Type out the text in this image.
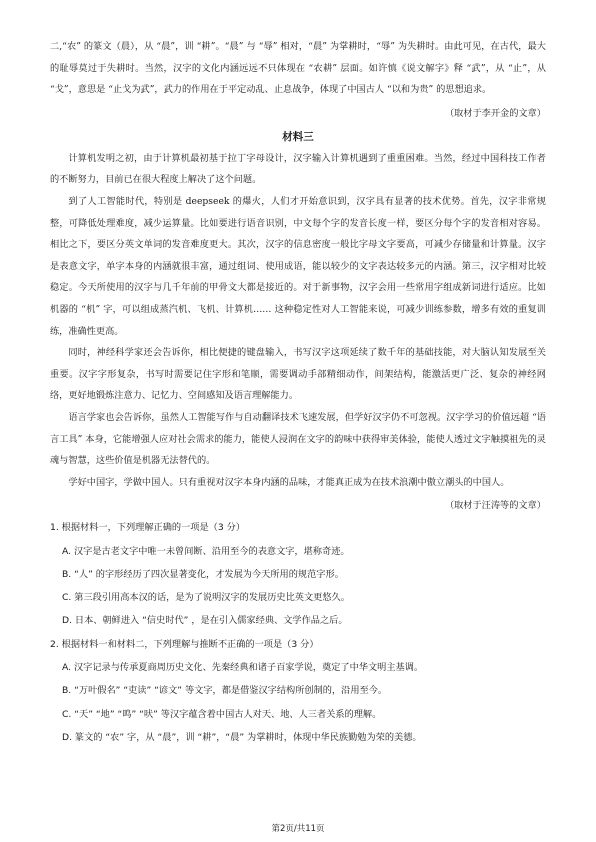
二,“农” 的篆文（晨），从 “晨”，训 “耕”。“晨” 与 “辱” 相对，“晨” 为掌耕时，“辱” 为失耕时。由此可见，在古代，最大的耻辱莫过于失耕时。当然，汉字的文化内涵远远不只体现在 “农耕” 层面。如许慎《说文解字》释 “武”，从 “止”，从 “戈”，意思是 “止戈为武”，武力的作用在于平定动乱、止息战争，体现了中国古人 “以和为贵” 的思想追求。

（取材于李开金的文章）

材料三

计算机发明之初，由于计算机最初基于拉丁字母设计，汉字输入计算机遇到了重重困难。当然，经过中国科技工作者的不断努力，目前已在很大程度上解决了这个问题。

到了人工智能时代，特别是 deepseek 的爆火，人们才开始意识到，汉字具有显著的技术优势。首先，汉字非常规整，可降低处理难度，减少运算量。比如要进行语音识别，中文每个字的发音长度一样，要区分每个字的发音相对容易。相比之下，要区分英文单词的发音难度更大。其次，汉字的信息密度一般比字母文字要高，可减少存储量和计算量。汉字是表意文字，单字本身的内涵就很丰富，通过组词、使用成语，能以较少的文字表达较多元的内涵。第三，汉字相对比较稳定。今天所使用的汉字与几千年前的甲骨文大都是接近的。对于新事物，汉字会用一些常用字组成新词进行适应。比如机器的 “机” 字，可以组成蒸汽机、飞机、计算机…… 这种稳定性对人工智能来说，可减少训练参数，增多有效的重复训练，准确性更高。

同时，神经科学家还会告诉你，相比便捷的键盘输入，书写汉字这项延续了数千年的基础技能，对大脑认知发展至关重要。汉字字形复杂，书写时需要记住字形和笔顺，需要调动手部精细动作，间架结构，能激活更广泛、复杂的神经网络，更好地锻炼注意力、记忆力、空间感知及语言理解能力。

语言学家也会告诉你，虽然人工智能写作与自动翻译技术飞速发展，但学好汉字仍不可忽视。汉字学习的价值远超 “语言工具” 本身，它能增强人应对社会需求的能力，能使人浸润在文字的韵味中获得审美体验，能使人透过文字触摸祖先的灵魂与智慧，这些价值是机器无法替代的。

学好中国字，学做中国人。只有重视对汉字本身内涵的品味，才能真正成为在技术浪潮中傲立潮头的中国人。

（取材于汪涛等的文章）

1. 根据材料一，下列理解正确的一项是（3 分）

A. 汉字是古老文字中唯一未曾间断、沿用至今的表意文字，堪称奇迹。

B. “人” 的字形经历了四次显著变化，才发展为今天所用的规范字形。

C. 第三段引用高本汉的话，是为了说明汉字的发展历史比英文更悠久。

D. 日本、朝鲜进入 “信史时代” ，是在引入儒家经典、文学作品之后。

2. 根据材料一和材料二，下列理解与推断不正确的一项是（3 分）

A. 汉字记录与传承夏商周历史文化、先秦经典和诸子百家学说，奠定了中华文明主基调。

B. “万叶假名” “吏读” “谚文” 等文字，都是借鉴汉字结构所创制的，沿用至今。

C. “天” “地” “鸣” “吠” 等汉字蕴含着中国古人对天、地、人三者关系的理解。

D. 篆文的 “农” 字，从 “晨”，训 “耕”，“晨” 为掌耕时，体现中华民族勤勉为荣的美德。

第2页/共11页
